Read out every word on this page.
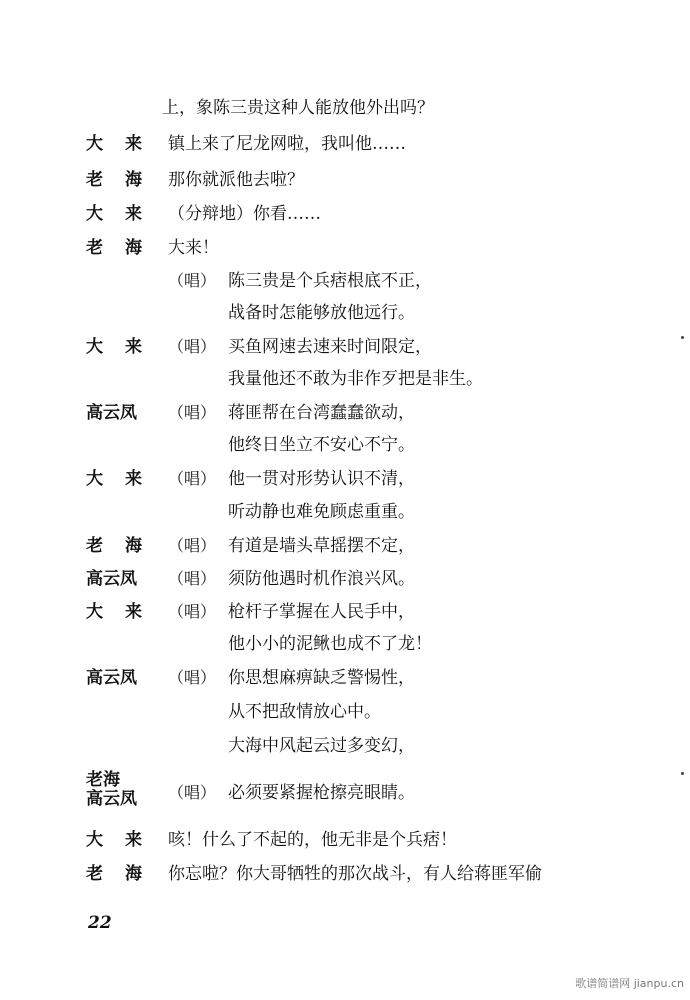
上，象陈三贵这种人能放他外出吗？
大来 镇上来了尼龙网啦，我叫他……
老海 那你就派他去啦？
大来 （分辩地）你看……
老海 大来！
（唱） 陈三贵是个兵痞根底不正，
战备时怎能够放他远行。
大来 （唱） 买鱼网速去速来时间限定，
我量他还不敢为非作歹把是非生。
高云凤 （唱） 蒋匪帮在台湾蠢蠢欲动，
他终日坐立不安心不宁。
大来 （唱） 他一贯对形势认识不清，
听动静也难免顾虑重重。
老海 （唱） 有道是墙头草摇摆不定，
高云凤 （唱） 须防他遇时机作浪兴风。
大来 （唱） 枪杆子掌握在人民手中，
他小小的泥鳅也成不了龙！
高云凤 （唱） 你思想麻痹缺乏警惕性，
从不把敌情放心中。
大海中风起云过多变幻，
老海
高云凤 （唱） 必须要紧握枪擦亮眼睛。
大来 咳！什么了不起的，他无非是个兵痞！
老海 你忘啦？你大哥牺牲的那次战斗，有人给蒋匪军偷
22
歌谱简谱网 jianpu.cn
